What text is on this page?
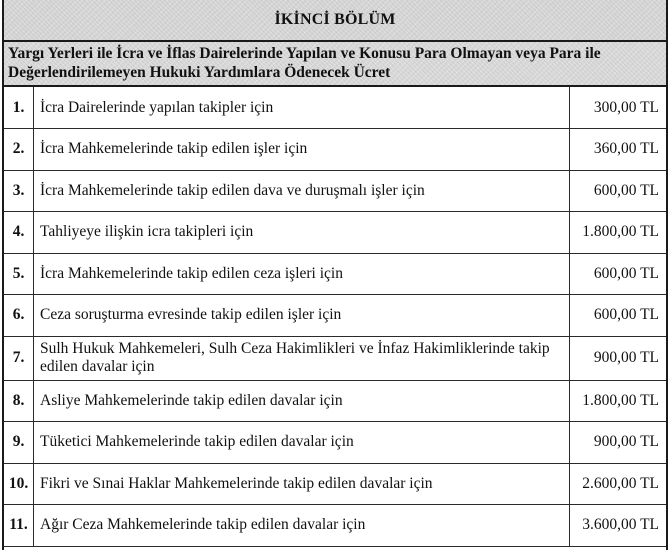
İKİNCİ BÖLÜM
Yargı Yerleri ile İcra ve İflas Dairelerinde Yapılan ve Konusu Para Olmayan veya Para ile Değerlendirilemeyen Hukuki Yardımlara Ödenecek Ücret
1.	İcra Dairelerinde yapılan takipler için	300,00 TL
2.	İcra Mahkemelerinde takip edilen işler için	360,00 TL
3.	İcra Mahkemelerinde takip edilen dava ve duruşmalı işler için	600,00 TL
4.	Tahliyeye ilişkin icra takipleri için	1.800,00 TL
5.	İcra Mahkemelerinde takip edilen ceza işleri için	600,00 TL
6.	Ceza soruşturma evresinde takip edilen işler için	600,00 TL
7.	Sulh Hukuk Mahkemeleri, Sulh Ceza Hakimlikleri ve İnfaz Hakimliklerinde takip edilen davalar için	900,00 TL
8.	Asliye Mahkemelerinde takip edilen davalar için	1.800,00 TL
9.	Tüketici Mahkemelerinde takip edilen davalar için	900,00 TL
10.	Fikri ve Sınai Haklar Mahkemelerinde takip edilen davalar için	2.600,00 TL
11.	Ağır Ceza Mahkemelerinde takip edilen davalar için	3.600,00 TL
